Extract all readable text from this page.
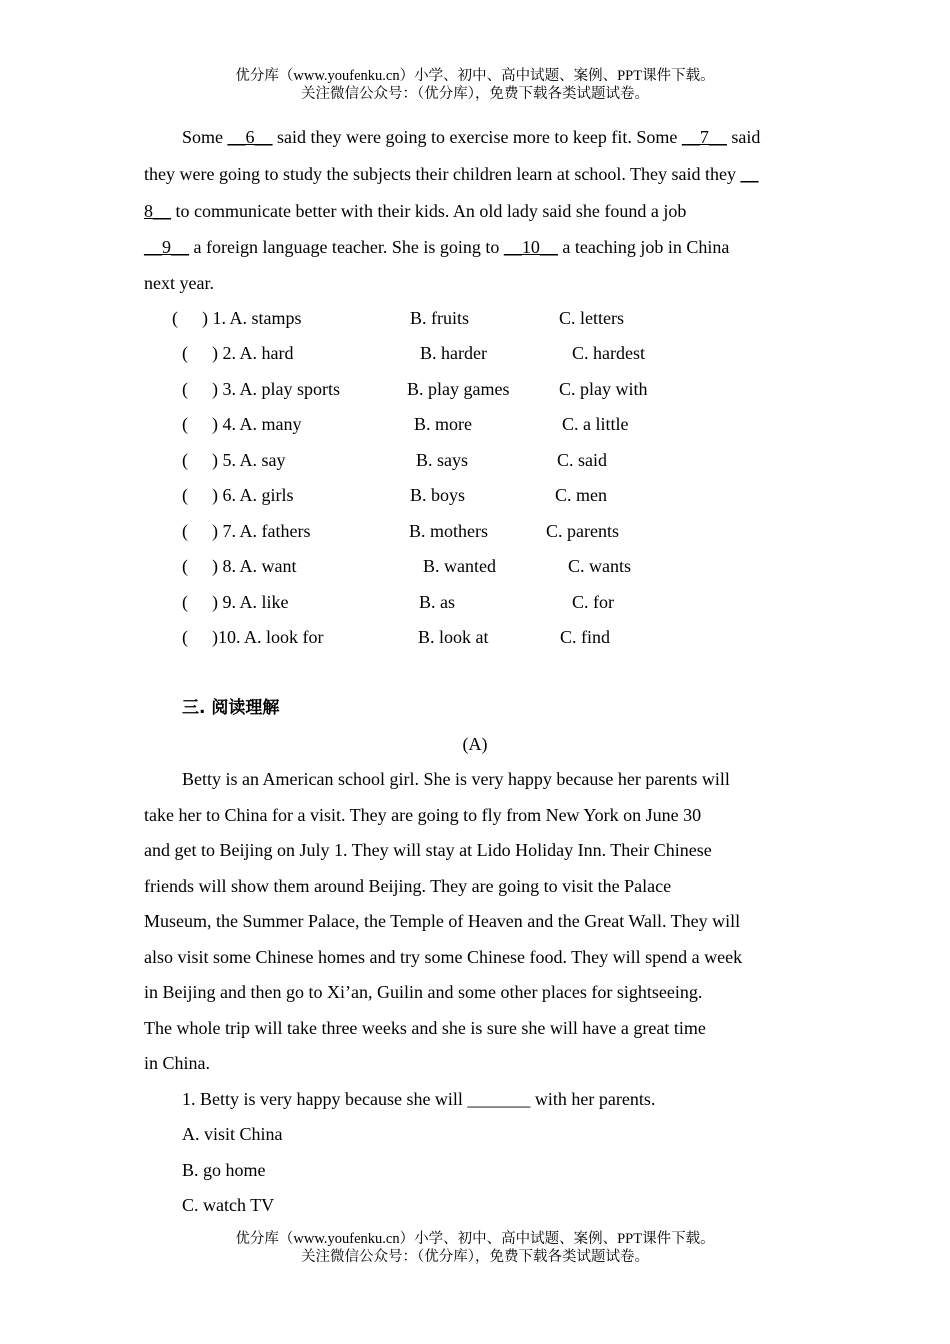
优分库（www.youfenku.cn）小学、初中、高中试题、案例、PPT课件下载。
关注微信公众号：（优分库），免费下载各类试题试卷。
Some __6__ said they were going to exercise more to keep fit. Some __7__ said
they were going to study the subjects their children learn at school. They said they __
8__ to communicate better with their kids. An old lady said she found a job
__9__ a foreign language teacher. She is going to __10__ a teaching job in China
next year.
( ) 1. A. stamps	B. fruits	C. letters
( ) 2. A. hard	B. harder	C. hardest
( ) 3. A. play sports	B. play games	C. play with
( ) 4. A. many	B. more	C. a little
( ) 5. A. say	B. says	C. said
( ) 6. A. girls	B. boys	C. men
( ) 7. A. fathers	B. mothers	C. parents
( ) 8. A. want	B. wanted	C. wants
( ) 9. A. like	B. as	C. for
( )10. A. look for	B. look at	C. find
三. 阅读理解
(A)
Betty is an American school girl. She is very happy because her parents will
take her to China for a visit. They are going to fly from New York on June 30
and get to Beijing on July 1. They will stay at Lido Holiday Inn. Their Chinese
friends will show them around Beijing. They are going to visit the Palace
Museum, the Summer Palace, the Temple of Heaven and the Great Wall. They will
also visit some Chinese homes and try some Chinese food. They will spend a week
in Beijing and then go to Xi’an, Guilin and some other places for sightseeing.
The whole trip will take three weeks and she is sure she will have a great time
in China.
1. Betty is very happy because she will _______ with her parents.
A. visit China
B. go home
C. watch TV
优分库（www.youfenku.cn）小学、初中、高中试题、案例、PPT课件下载。
关注微信公众号：（优分库），免费下载各类试题试卷。
